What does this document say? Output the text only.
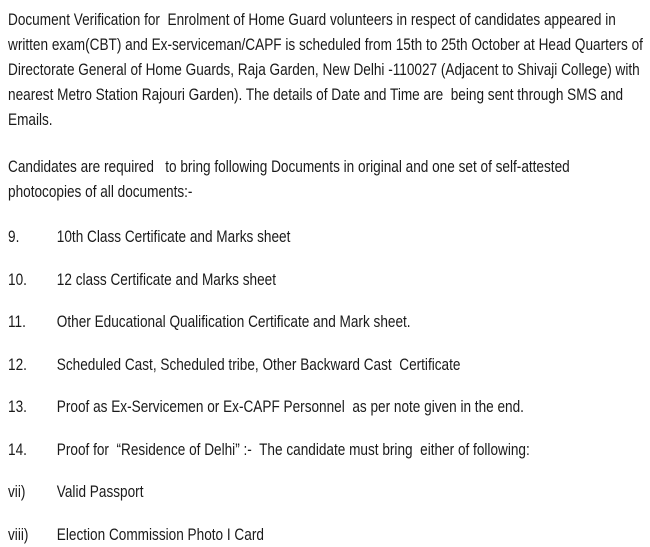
Document Verification for  Enrolment of Home Guard volunteers in respect of candidates appeared in
written exam(CBT) and Ex-serviceman/CAPF is scheduled from 15th to 25th October at Head Quarters of
Directorate General of Home Guards, Raja Garden, New Delhi -110027 (Adjacent to Shivaji College) with
nearest Metro Station Rajouri Garden). The details of Date and Time are  being sent through SMS and
Emails.
Candidates are required   to bring following Documents in original and one set of self-attested
photocopies of all documents:-
9.	10th Class Certificate and Marks sheet
10.	12 class Certificate and Marks sheet
11.	Other Educational Qualification Certificate and Mark sheet.
12.	Scheduled Cast, Scheduled tribe, Other Backward Cast  Certificate
13.	Proof as Ex-Servicemen or Ex-CAPF Personnel  as per note given in the end.
14.	Proof for  “Residence of Delhi” :-  The candidate must bring  either of following:
vii)	Valid Passport
viii)	Election Commission Photo I Card
